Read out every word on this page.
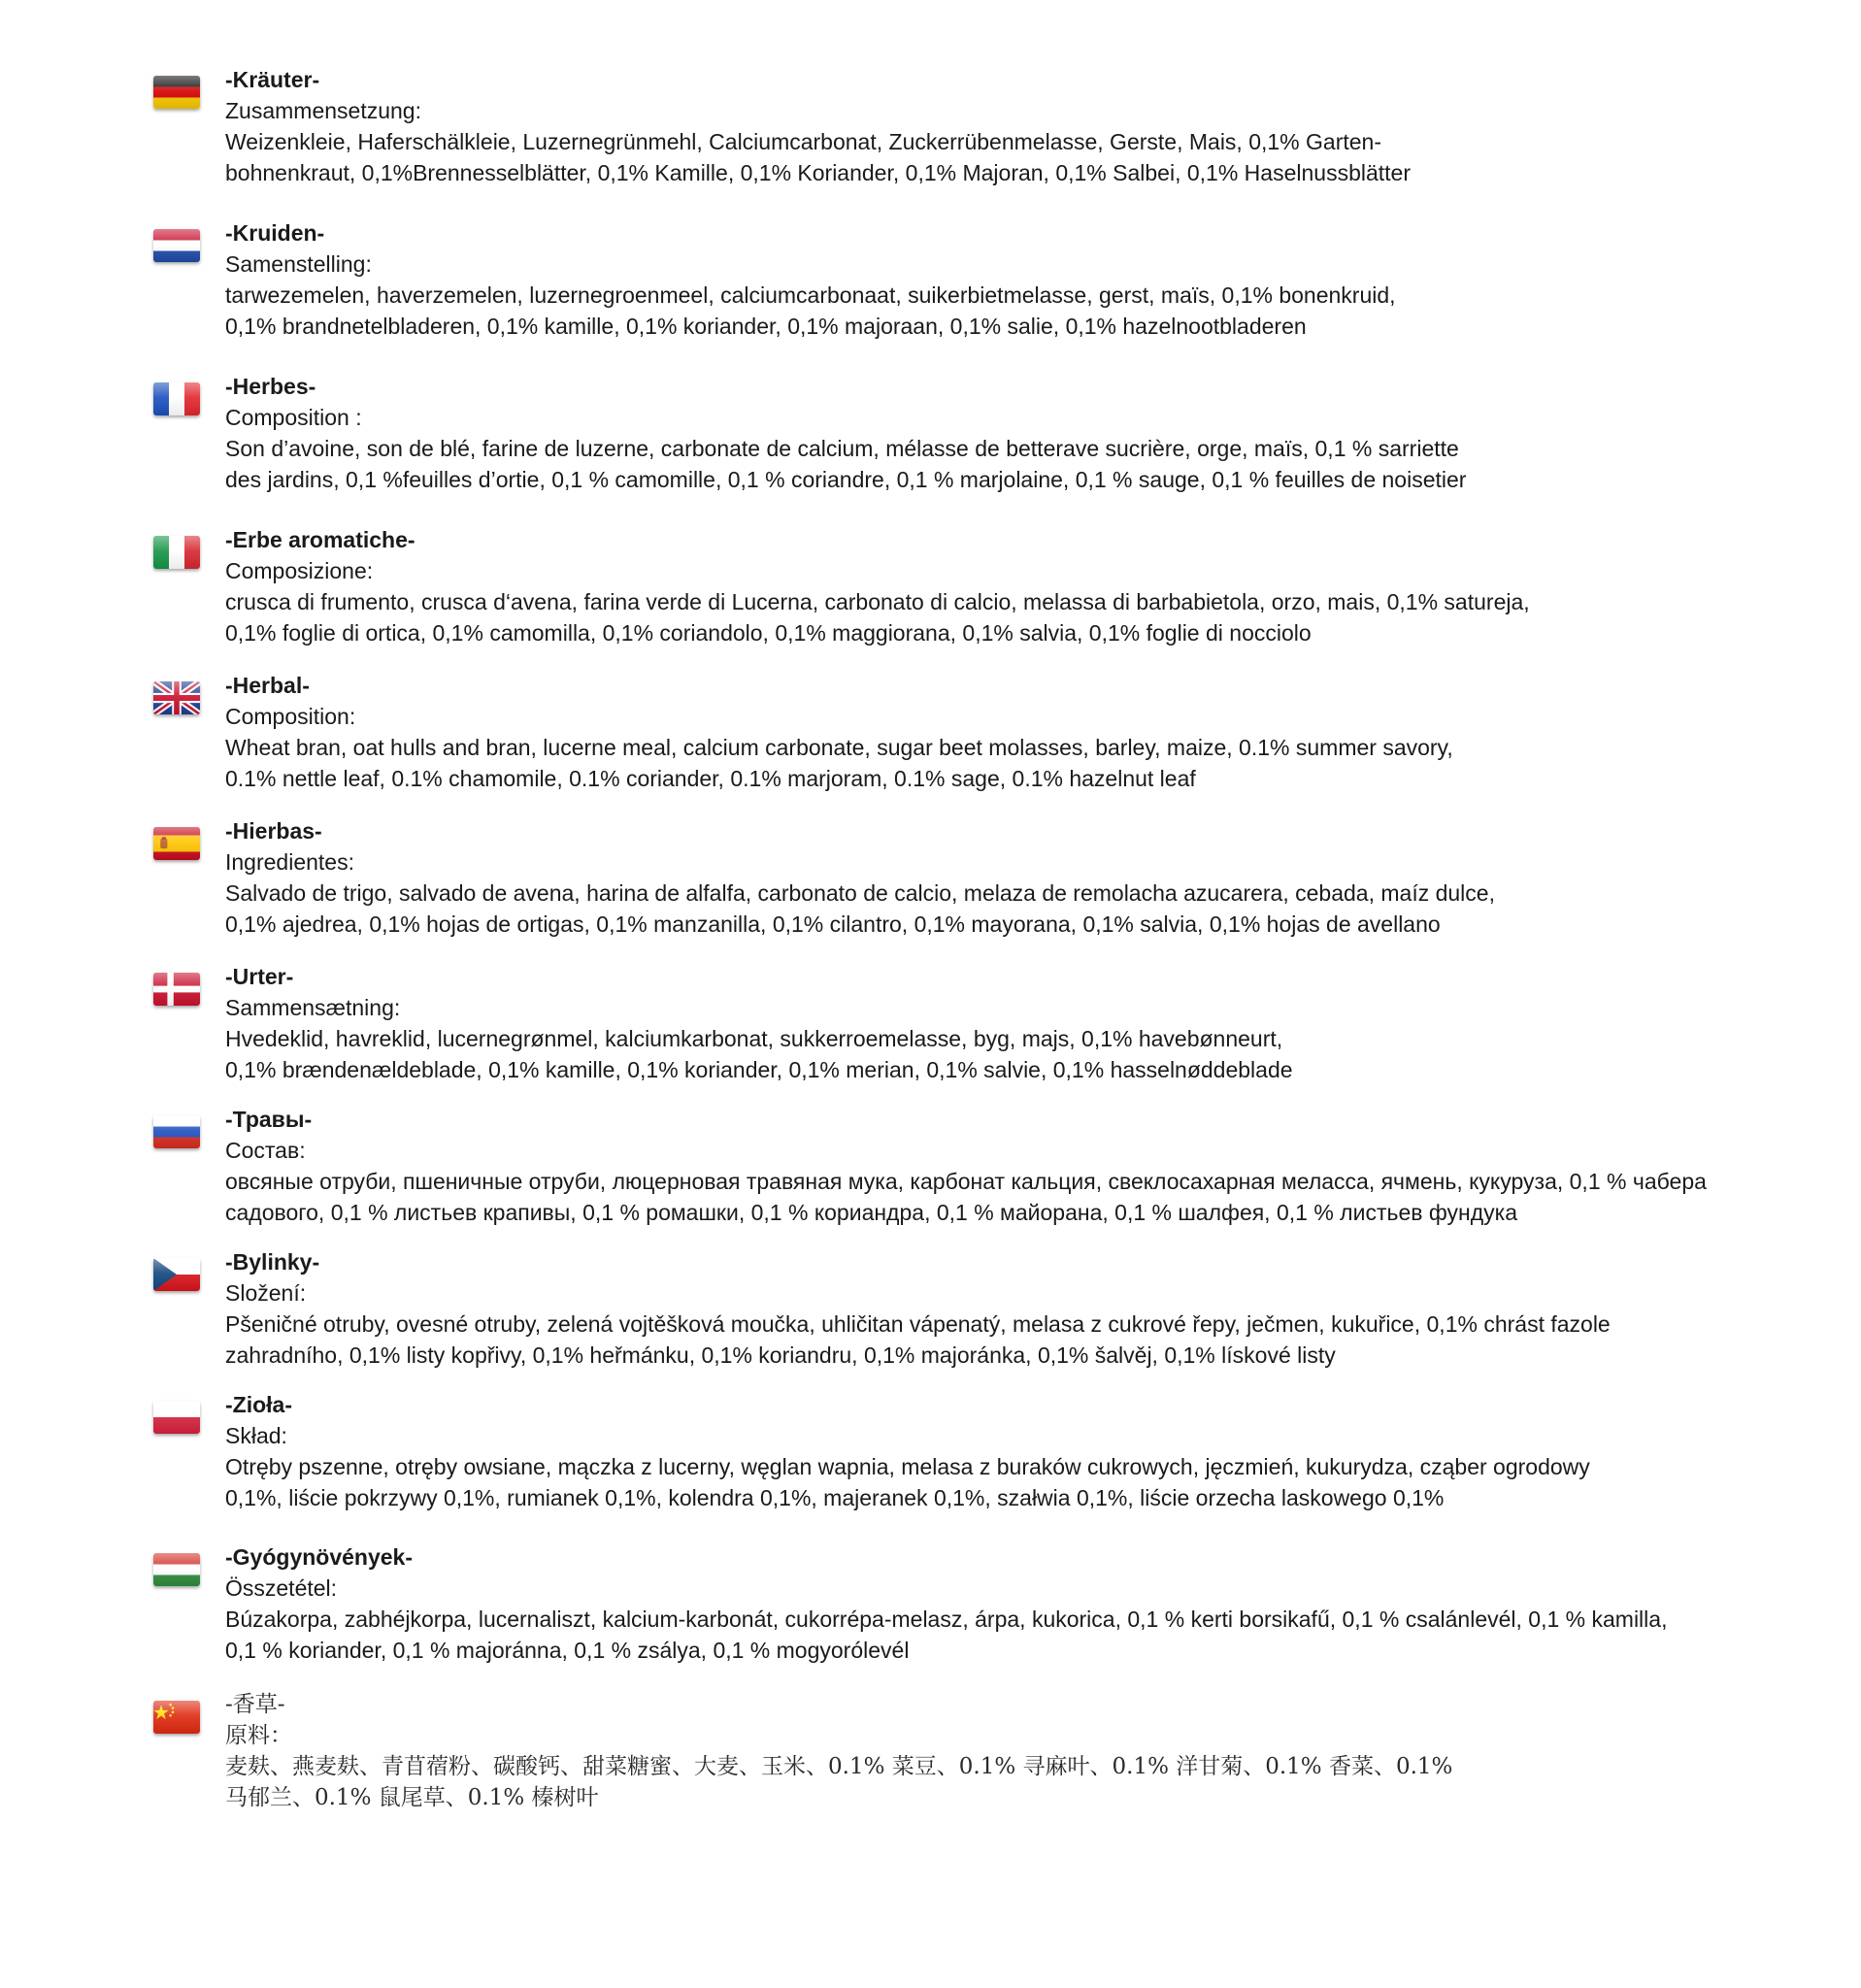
-Kräuter-
Zusammensetzung:
Weizenkleie, Haferschälkleie, Luzernegrünmehl, Calciumcarbonat, Zuckerrübenmelasse, Gerste, Mais, 0,1% Garten-
bohnenkraut, 0,1%Brennesselblätter, 0,1% Kamille, 0,1% Koriander, 0,1% Majoran, 0,1% Salbei, 0,1% Haselnussblätter
-Kruiden-
Samenstelling:
tarwezemelen, haverzemelen, luzernegroenmeel, calciumcarbonaat, suikerbietmelasse, gerst, maïs, 0,1% bonenkruid,
0,1% brandnetelbladeren, 0,1% kamille, 0,1% koriander, 0,1% majoraan, 0,1% salie, 0,1% hazelnootbladeren
-Herbes-
Composition :
Son d’avoine, son de blé, farine de luzerne, carbonate de calcium, mélasse de betterave sucrière, orge, maïs, 0,1 % sarriette
des jardins, 0,1 %feuilles d’ortie, 0,1 % camomille, 0,1 % coriandre, 0,1 % marjolaine, 0,1 % sauge, 0,1 % feuilles de noisetier
-Erbe aromatiche-
Composizione:
crusca di frumento, crusca d‘avena, farina verde di Lucerna, carbonato di calcio, melassa di barbabietola, orzo, mais, 0,1% satureja,
0,1% foglie di ortica, 0,1% camomilla, 0,1% coriandolo, 0,1% maggiorana, 0,1% salvia, 0,1% foglie di nocciolo
-Herbal-
Composition:
Wheat bran, oat hulls and bran, lucerne meal, calcium carbonate, sugar beet molasses, barley, maize, 0.1% summer savory,
0.1% nettle leaf, 0.1% chamomile, 0.1% coriander, 0.1% marjoram, 0.1% sage, 0.1% hazelnut leaf
-Hierbas-
Ingredientes:
Salvado de trigo, salvado de avena, harina de alfalfa, carbonato de calcio, melaza de remolacha azucarera, cebada, maíz dulce,
0,1% ajedrea, 0,1% hojas de ortigas, 0,1% manzanilla, 0,1% cilantro, 0,1% mayorana, 0,1% salvia, 0,1% hojas de avellano
-Urter-
Sammensætning:
Hvedeklid, havreklid, lucernegrønmel, kalciumkarbonat, sukkerroemelasse, byg, majs, 0,1% havebønneurt,
0,1% brændenældeblade, 0,1% kamille, 0,1% koriander, 0,1% merian, 0,1% salvie, 0,1% hasselnøddeblade
-Травы-
Состав:
овсяные отруби, пшеничные отруби, люцерновая травяная мука, карбонат кальция, свеклосахарная меласса, ячмень, кукуруза, 0,1 % чабера
садового, 0,1 % листьев крапивы, 0,1 % ромашки, 0,1 % кориандра, 0,1 % майорана, 0,1 % шалфея, 0,1 % листьев фундука
-Bylinky-
Složení:
Pšeničné otruby, ovesné otruby, zelená vojtěšková moučka, uhličitan vápenatý, melasa z cukrové řepy, ječmen, kukuřice, 0,1% chrást fazole
zahradního, 0,1% listy kopřivy, 0,1% heřmánku, 0,1% koriandru, 0,1% majoránka, 0,1% šalvěj, 0,1% lískové listy
-Zioła-
Skład:
Otręby pszenne, otręby owsiane, mączka z lucerny, węglan wapnia, melasa z buraków cukrowych, jęczmień, kukurydza, cząber ogrodowy
0,1%, liście pokrzywy 0,1%, rumianek 0,1%, kolendra 0,1%, majeranek 0,1%, szałwia 0,1%, liście orzecha laskowego 0,1%
-Gyógynövények-
Összetétel:
Búzakorpa, zabhéjkorpa, lucernaliszt, kalcium-karbonát, cukorrépa-melasz, árpa, kukorica, 0,1 % kerti borsikafű, 0,1 % csalánlevél, 0,1 % kamilla,
0,1 % koriander, 0,1 % majoránna, 0,1 % zsálya, 0,1 % mogyorólevél
-香草-
原料：
麦麸、燕麦麸、青苜蓿粉、碳酸钙、甜菜糖蜜、大麦、玉米、0.1% 菜豆、0.1% 寻麻叶、0.1% 洋甘菊、0.1% 香菜、0.1%
马郁兰、0.1% 鼠尾草、0.1% 榛树叶
